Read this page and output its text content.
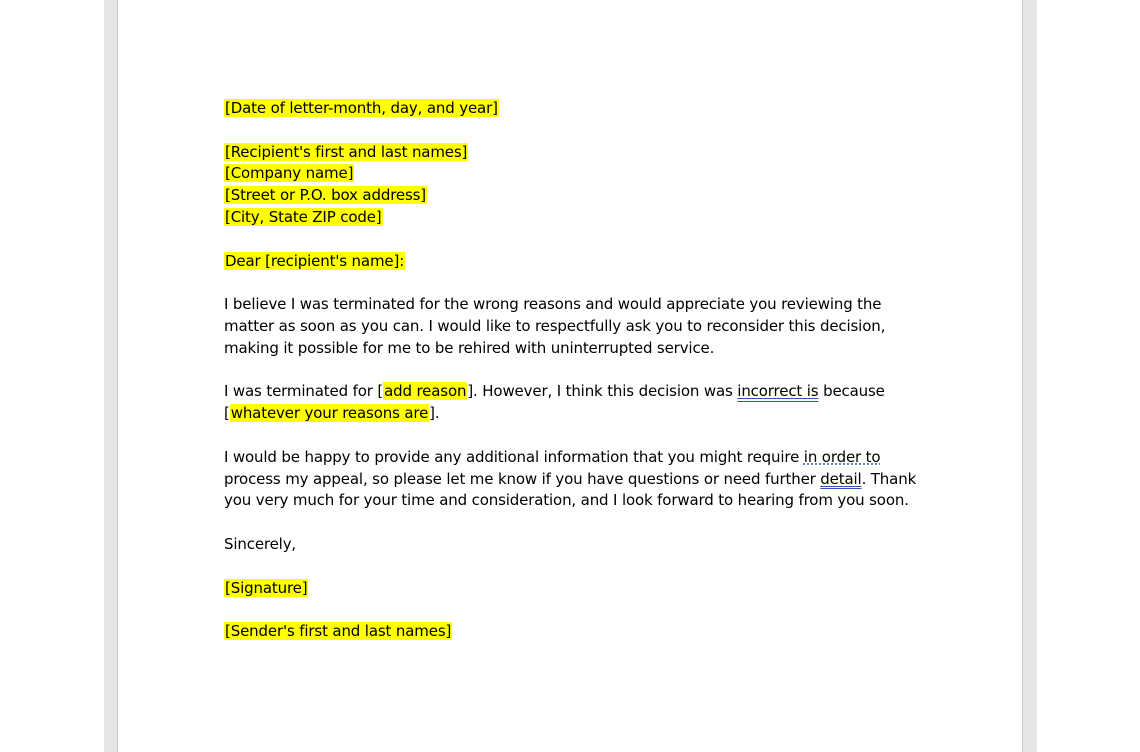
[Date of letter-month, day, and year]
[Recipient's first and last names]
[Company name]
[Street or P.O. box address]
[City, State ZIP code]
Dear [recipient's name]:
I believe I was terminated for the wrong reasons and would appreciate you reviewing the
matter as soon as you can. I would like to respectfully ask you to reconsider this decision,
making it possible for me to be rehired with uninterrupted service.
I was terminated for [add reason]. However, I think this decision was incorrect is because
[whatever your reasons are].
I would be happy to provide any additional information that you might require in order to
process my appeal, so please let me know if you have questions or need further detail. Thank
you very much for your time and consideration, and I look forward to hearing from you soon.
Sincerely,
[Signature]
[Sender's first and last names]
